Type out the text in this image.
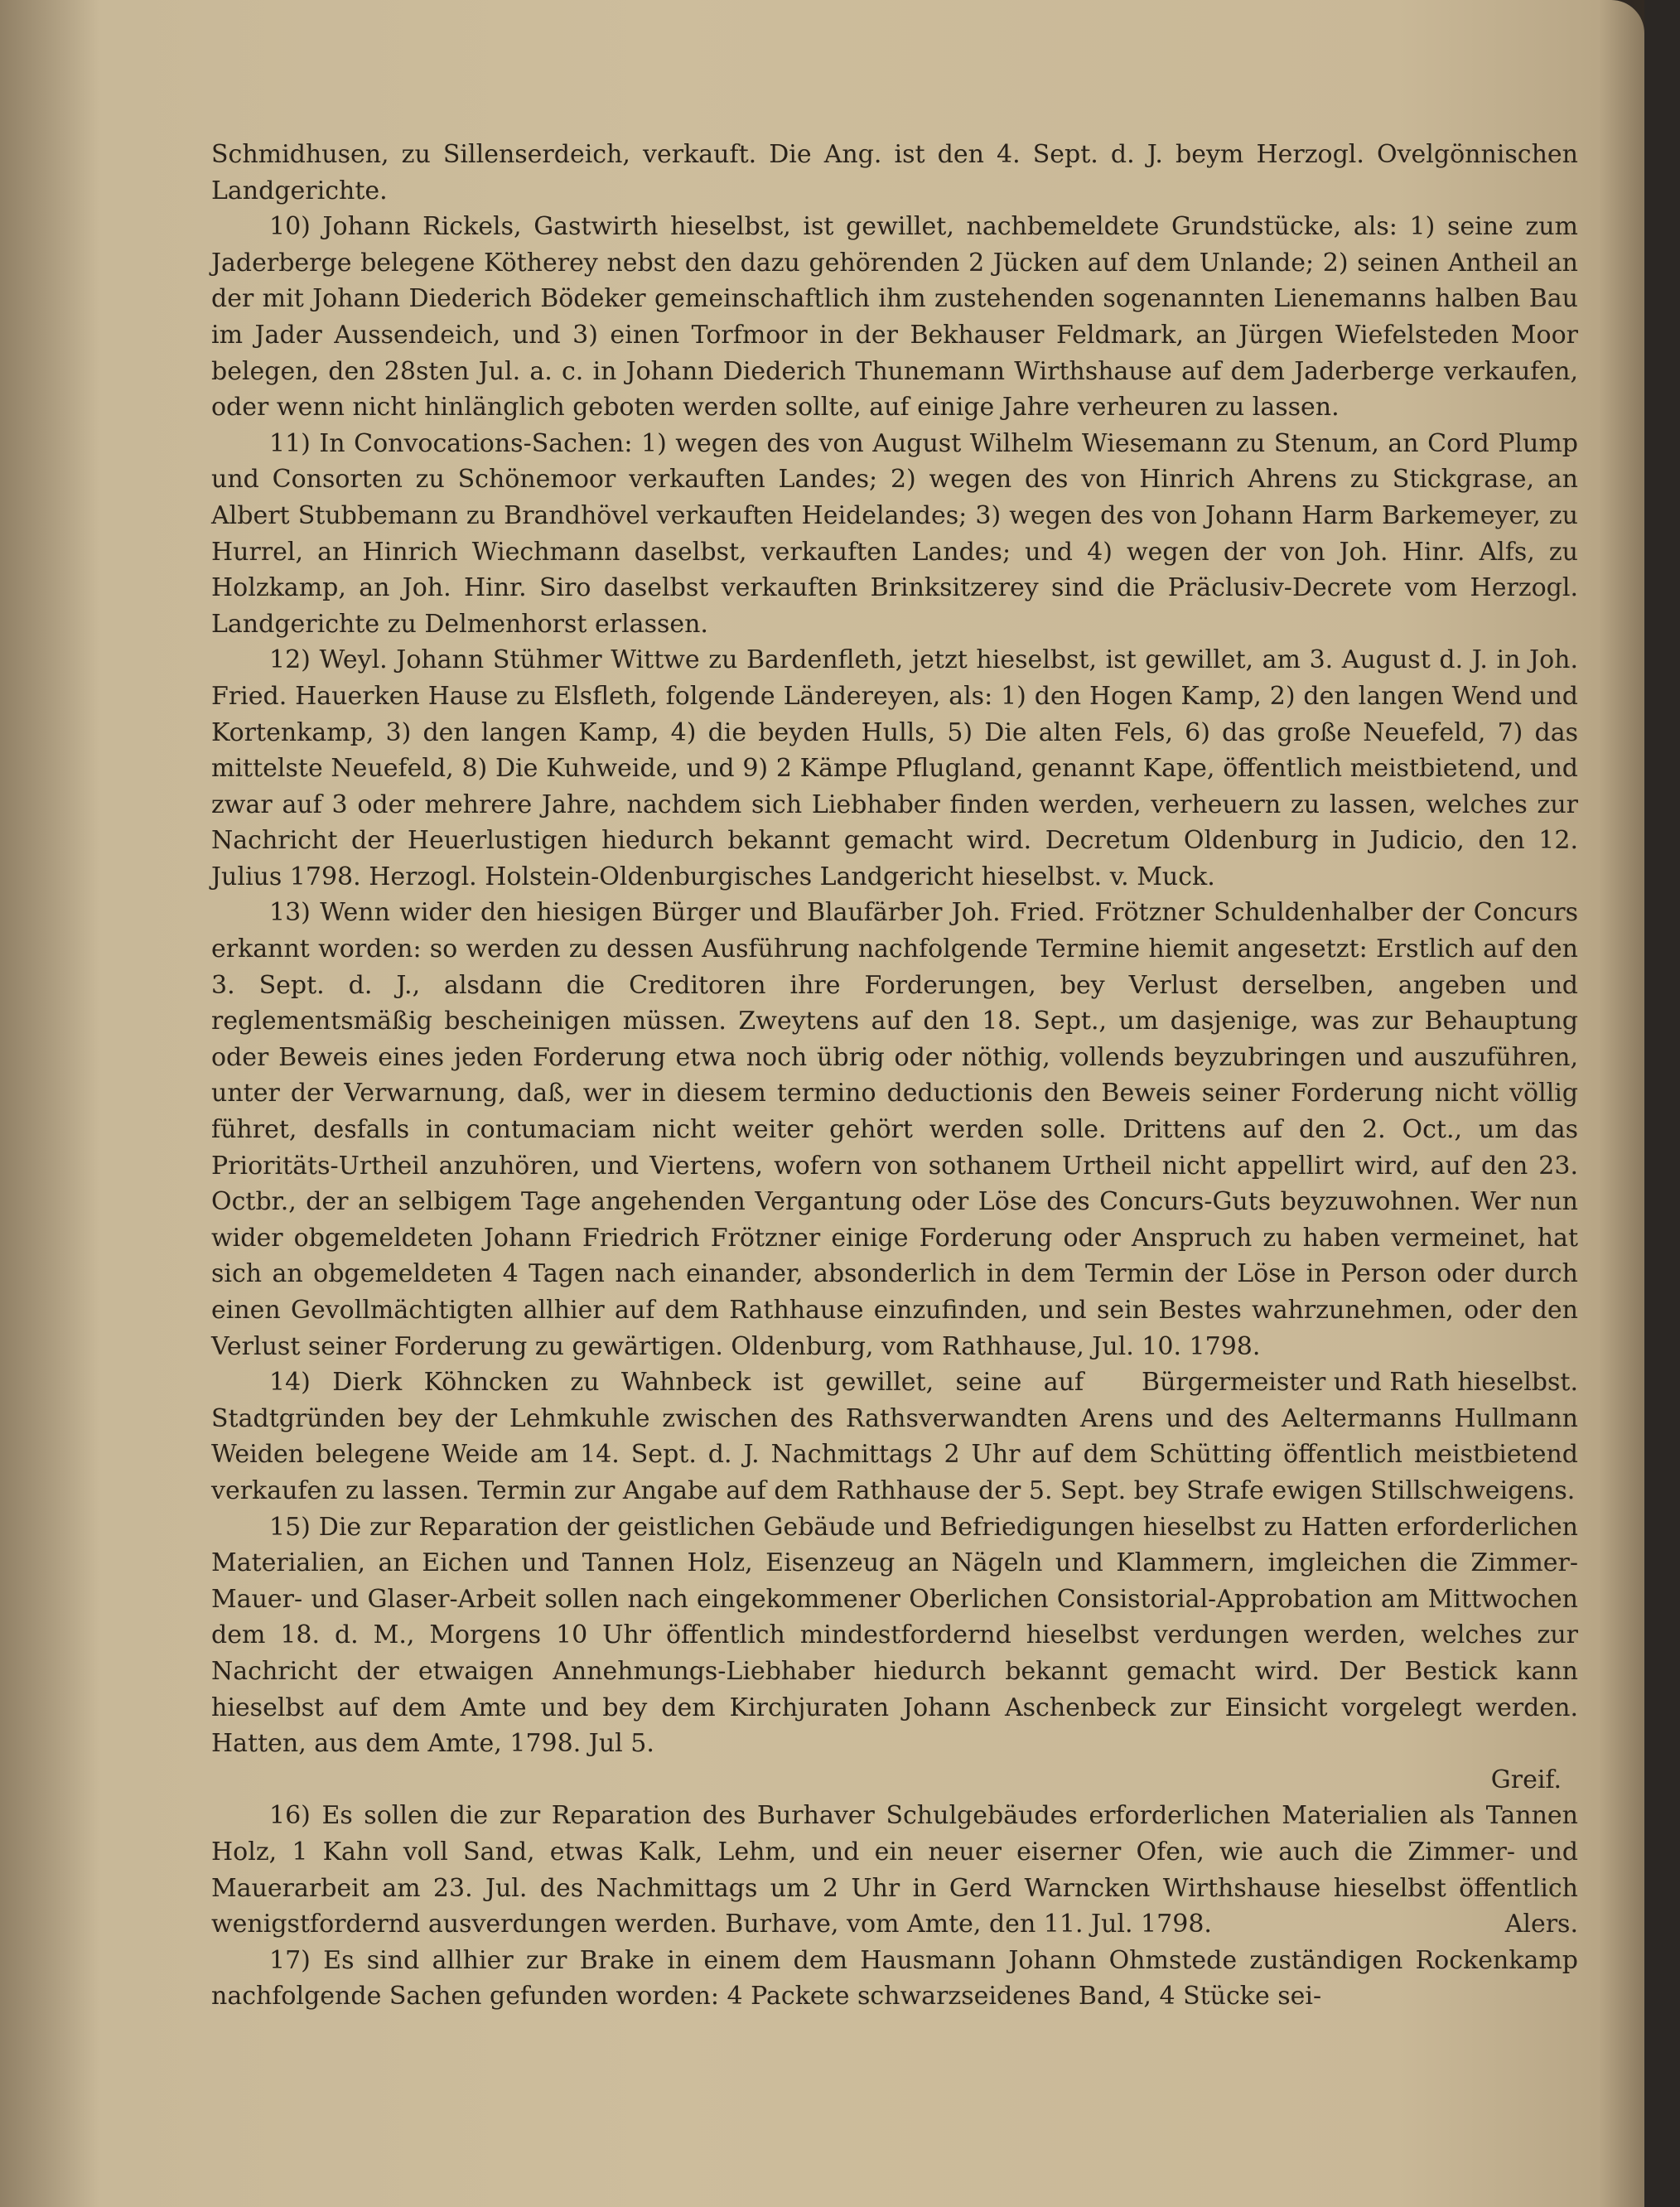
Schmidhusen, zu Sillenserdeich, verkauft. Die Ang. ist den 4. Sept. d. J. beym Herzogl. Ovelgönnischen Landgerichte.

10) Johann Rickels, Gastwirth hieselbst, ist gewillet, nachbemeldete Grundstücke, als: 1) seine zum Jaderberge belegene Kötherey nebst den dazu gehörenden 2 Jücken auf dem Unlande; 2) seinen Antheil an der mit Johann Diederich Bödeker gemeinschaftlich ihm zustehenden sogenannten Lienemanns halben Bau im Jader Aussendeich, und 3) einen Torfmoor in der Bekhauser Feldmark, an Jürgen Wiefelsteden Moor belegen, den 28sten Jul. a. c. in Johann Diederich Thunemann Wirthshause auf dem Jaderberge verkaufen, oder wenn nicht hinlänglich geboten werden sollte, auf einige Jahre verheuren zu lassen.

11) In Convocations-Sachen: 1) wegen des von August Wilhelm Wiesemann zu Stenum, an Cord Plump und Consorten zu Schönemoor verkauften Landes; 2) wegen des von Hinrich Ahrens zu Stickgrase, an Albert Stubbemann zu Brandhövel verkauften Heidelandes; 3) wegen des von Johann Harm Barkemeyer, zu Hurrel, an Hinrich Wiechmann daselbst, verkauften Landes; und 4) wegen der von Joh. Hinr. Alfs, zu Holzkamp, an Joh. Hinr. Siro daselbst verkauften Brinksitzerey sind die Präclusiv-Decrete vom Herzogl. Landgerichte zu Delmenhorst erlassen.

12) Weyl. Johann Stühmer Wittwe zu Bardenfleth, jetzt hieselbst, ist gewillet, am 3. August d. J. in Joh. Fried. Hauerken Hause zu Elsfleth, folgende Ländereyen, als: 1) den Hogen Kamp, 2) den langen Wend und Kortenkamp, 3) den langen Kamp, 4) die beyden Hulls, 5) Die alten Fels, 6) das große Neuefeld, 7) das mittelste Neuefeld, 8) Die Kuhweide, und 9) 2 Kämpe Pflugland, genannt Kape, öffentlich meistbietend, und zwar auf 3 oder mehrere Jahre, nachdem sich Liebhaber finden werden, verheuern zu lassen, welches zur Nachricht der Heuerlustigen hiedurch bekannt gemacht wird. Decretum Oldenburg in Judicio, den 12. Julius 1798. Herzogl. Holstein-Oldenburgisches Landgericht hieselbst. v. Muck.

13) Wenn wider den hiesigen Bürger und Blaufärber Joh. Fried. Frötzner Schuldenhalber der Concurs erkannt worden: so werden zu dessen Ausführung nachfolgende Termine hiemit angesetzt: Erstlich auf den 3. Sept. d. J., alsdann die Creditoren ihre Forderungen, bey Verlust derselben, angeben und reglementsmäßig bescheinigen müssen. Zweytens auf den 18. Sept., um dasjenige, was zur Behauptung oder Beweis eines jeden Forderung etwa noch übrig oder nöthig, vollends beyzubringen und auszuführen, unter der Verwarnung, daß, wer in diesem termino deductionis den Beweis seiner Forderung nicht völlig führet, desfalls in contumaciam nicht weiter gehört werden solle. Drittens auf den 2. Oct., um das Prioritäts-Urtheil anzuhören, und Viertens, wofern von sothanem Urtheil nicht appellirt wird, auf den 23. Octbr., der an selbigem Tage angehenden Vergantung oder Löse des Concurs-Guts beyzuwohnen. Wer nun wider obgemeldeten Johann Friedrich Frötzner einige Forderung oder Anspruch zu haben vermeinet, hat sich an obgemeldeten 4 Tagen nach einander, absonderlich in dem Termin der Löse in Person oder durch einen Gevollmächtigten allhier auf dem Rathhause einzufinden, und sein Bestes wahrzunehmen, oder den Verlust seiner Forderung zu gewärtigen. Oldenburg, vom Rathhause, Jul. 10. 1798.
Bürgermeister und Rath hieselbst.

14) Dierk Köhncken zu Wahnbeck ist gewillet, seine auf Stadtgründen bey der Lehmkuhle zwischen des Rathsverwandten Arens und des Aeltermanns Hullmann Weiden belegene Weide am 14. Sept. d. J. Nachmittags 2 Uhr auf dem Schütting öffentlich meistbietend verkaufen zu lassen. Termin zur Angabe auf dem Rathhause der 5. Sept. bey Strafe ewigen Stillschweigens.

15) Die zur Reparation der geistlichen Gebäude und Befriedigungen hieselbst zu Hatten erforderlichen Materialien, an Eichen und Tannen Holz, Eisenzeug an Nägeln und Klammern, imgleichen die Zimmer- Mauer- und Glaser-Arbeit sollen nach eingekommener Oberlichen Consistorial-Approbation am Mittwochen dem 18. d. M., Morgens 10 Uhr öffentlich mindestfordernd hieselbst verdungen werden, welches zur Nachricht der etwaigen Annehmungs-Liebhaber hiedurch bekannt gemacht wird. Der Bestick kann hieselbst auf dem Amte und bey dem Kirchjuraten Johann Aschenbeck zur Einsicht vorgelegt werden. Hatten, aus dem Amte, 1798. Jul 5.

Greif.

16) Es sollen die zur Reparation des Burhaver Schulgebäudes erforderlichen Materialien als Tannen Holz, 1 Kahn voll Sand, etwas Kalk, Lehm, und ein neuer eiserner Ofen, wie auch die Zimmer- und Mauerarbeit am 23. Jul. des Nachmittags um 2 Uhr in Gerd Warncken Wirthshause hieselbst öffentlich wenigstfordernd ausverdungen werden. Burhave, vom Amte, den 11. Jul. 1798.	Alers.

17) Es sind allhier zur Brake in einem dem Hausmann Johann Ohmstede zuständigen Rockenkamp nachfolgende Sachen gefunden worden: 4 Packete schwarzseidenes Band, 4 Stücke sei-
